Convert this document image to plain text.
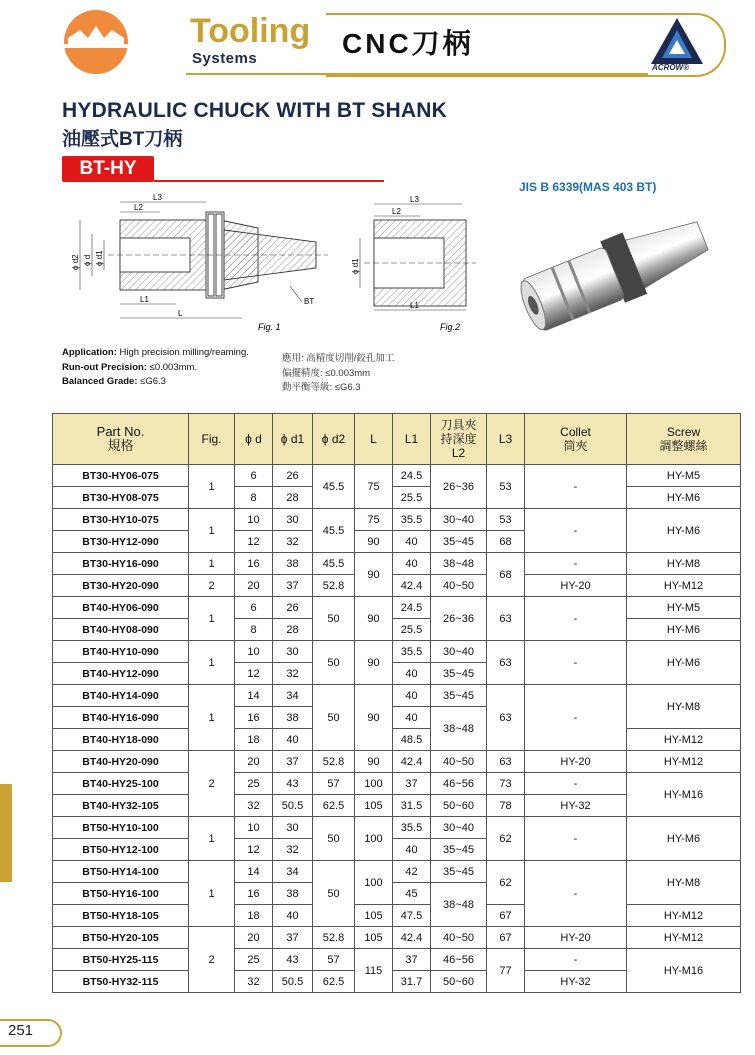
Tooling
Systems	CNC刀柄
ACROW®
HYDRAULIC CHUCK WITH BT SHANK
油壓式BT刀柄
BT-HY
JIS B 6339(MAS 403 BT)
L3
L2
L1
L
ϕ d2 ϕ d ϕ d1
BT
Fig. 1
L3
L2
L1
ϕ d1
Fig.2
Application: High precision milling/reaming.
Run-out Precision: ≤0.003mm.
Balanced Grade: ≤G6.3
應用: 高精度切削/鉸孔加工
偏擺精度: ≤0.003mm
動平衡等級: ≤G6.3
Part No.
規格	Fig.	ϕ d	ϕ d1	ϕ d2	L	L1	刀具夾
持深度
L2	L3	Collet
筒夾	Screw
調整螺絲
BT30-HY06-075	1	6	26	45.5	75	24.5	26~36	53	-	HY-M5
BT30-HY08-075		8	28			25.5				HY-M6
BT30-HY10-075	1	10	30	45.5	75	35.5	30~40	53	-	HY-M6
BT30-HY12-090		12	32		90	40	35~45	68		
BT30-HY16-090	1	16	38	45.5	90	40	38~48	68	-	HY-M8
BT30-HY20-090	2	20	37	52.8		42.4	40~50		HY-20	HY-M12
BT40-HY06-090	1	6	26	50	90	24.5	26~36	63	-	HY-M5
BT40-HY08-090		8	28			25.5				HY-M6
BT40-HY10-090	1	10	30	50	90	35.5	30~40	63	-	HY-M6
BT40-HY12-090		12	32			40	35~45			
BT40-HY14-090	1	14	34	50	90	40	35~45	63	-	HY-M8
BT40-HY16-090		16	38			40	38~48			
BT40-HY18-090		18	40			48.5				HY-M12
BT40-HY20-090	2	20	37	52.8	90	42.4	40~50	63	HY-20	HY-M12
BT40-HY25-100		25	43	57	100	37	46~56	73	-	HY-M16
BT40-HY32-105		32	50.5	62.5	105	31.5	50~60	78	HY-32	
BT50-HY10-100	1	10	30	50	100	35.5	30~40	62	-	HY-M6
BT50-HY12-100		12	32			40	35~45			
BT50-HY14-100	1	14	34	50	100	42	35~45	62	-	HY-M8
BT50-HY16-100		16	38			45	38~48			
BT50-HY18-105		18	40		105	47.5		67		HY-M12
BT50-HY20-105	2	20	37	52.8	105	42.4	40~50	67	HY-20	HY-M12
BT50-HY25-115		25	43	57	115	37	46~56	77	-	HY-M16
BT50-HY32-115		32	50.5	62.5		31.7	50~60		HY-32	
251
